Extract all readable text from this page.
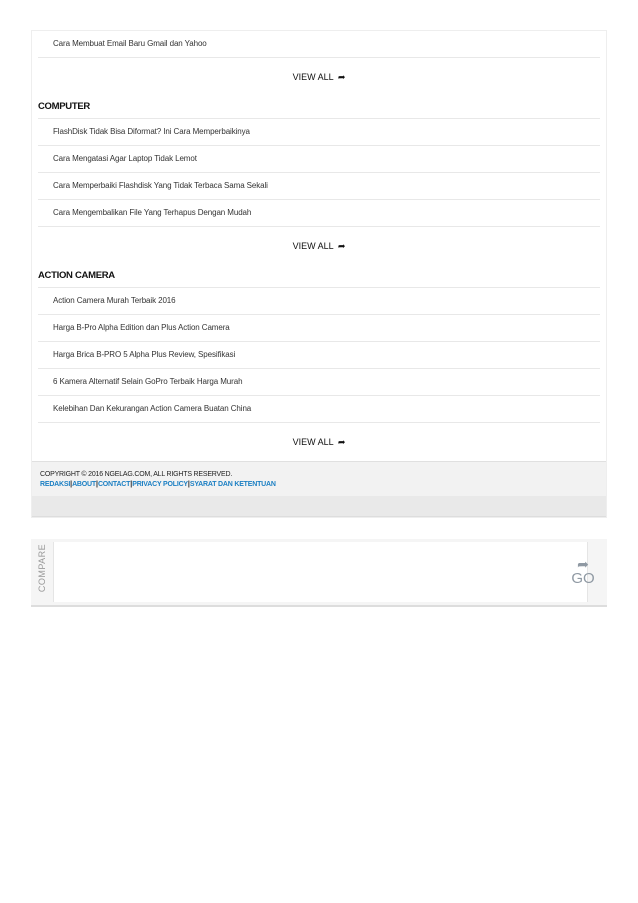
Cara Membuat Email Baru Gmail dan Yahoo
VIEW ALL ➦
COMPUTER
FlashDisk Tidak Bisa Diformat? Ini Cara Memperbaikinya
Cara Mengatasi Agar Laptop Tidak Lemot
Cara Memperbaiki Flashdisk Yang Tidak Terbaca Sama Sekali
Cara Mengembalikan File Yang Terhapus Dengan Mudah
VIEW ALL ➦
ACTION CAMERA
Action Camera Murah Terbaik 2016
Harga B-Pro Alpha Edition dan Plus Action Camera
Harga Brica B-PRO 5 Alpha Plus Review, Spesifikasi
6 Kamera Alternatif Selain GoPro Terbaik Harga Murah
Kelebihan Dan Kekurangan Action Camera Buatan China
VIEW ALL ➦
COPYRIGHT © 2016 NGELAG.COM, ALL RIGHTS RESERVED.
REDAKSI|ABOUT|CONTACT|PRIVACY POLICY|SYARAT DAN KETENTUAN
COMPARE	➦
GO
